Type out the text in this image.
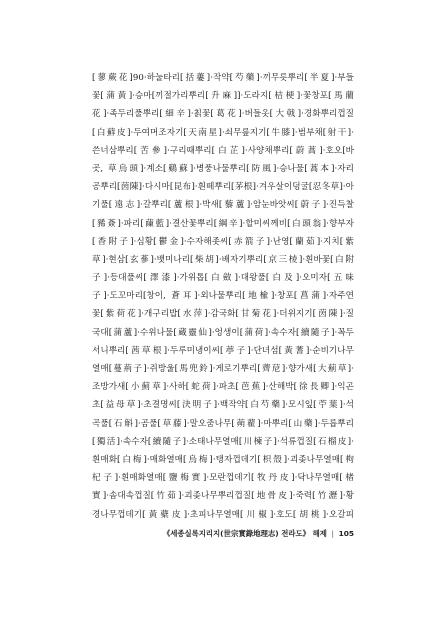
[蓼蕨花]90·하눌타리[括蔞]·작약[芍藥]·끼무릇뿌리[半夏]·부들
꽃[蒲黃]·승마[끼절가리뿌리[升麻]]·도라지[桔梗]·꽃창포[馬藺
花]·족두리풀뿌리[細辛]·칡꽃[葛花]·버들옷[大戟]·경화뿌리껍질
[白蘚皮]·두여머조자기[天南星]·쇠무릎지기[牛膝]·범부채[射干]·
쓴너삼뿌리[苦參]·구리때뿌리[白芷]·사양채뿌리[蔚蒿]·호오[바
곳, 草烏頭]·계소[鷄蘇]·병풍나물뿌리[防風]·승나물[蒿本]·자리
공뿌리[茵陳]·다시마[昆布]·흰떼뿌리[茅根]·겨우살이덩굴[忍冬草]·아
기풀[遠志]·갈뿌리[蘆根]·박새[藜蘆]·암눈바앗씨[蔚子]·진득찰
[豨薟]·파리[蔯藍]·결산꽃뿌리[綱辛]·할미씨께비[白頭翁]·향부자
[香附子]·심황[鬱金]·수자해좃씨[赤箭子]·난영[蘭茹]·지치[紫
草]·현삼[玄蔘]·뱃미나리[柴胡]·배자기뿌리[京三棱]·흰바꽃[白附
子]·등대풀씨[澤漆]·가위톱[白斂]·대왕풀[白及]·오미자[五味
子]·도꼬마리[창이, 蒼耳]·외나물뿌리[地楡]·창포[菖蒲]·자주연
꽃[紫荷花]·개구리밥[水萍]·감국화[甘菊花]·더위지기[茵陳]·질
국대[蒲蘆]·수위나물[蔵靈仙]·엉생이[蒲荷]·속수자[續隨子]·꼭두
서니뿌리[茜草根]·두루미냉이씨[葶子]·단녀섬[黃蓍]·순비기나무
열매[蔓荊子]·쥐방울[馬兜鈴]·게로기뿌리[薺苨]·향가새[大薊草]·
조방가새[小薊草]·사하[蛇荷]·파초[芭蕉]·산해박[徐長卿]·익곤
초[益母草]·초결명씨[決明子]·백작약[白芍藥]·모시잎[苧葉]·석
곡풀[石斛]·곰풀[草藤]·말오줌나무[蒴藋]·마뿌리[山藥]·두릅뿌리
[獨活]·속수자[續隨子]·소태나무열매[川楝子]·석류껍질[石榴皮]·
흰매화[白梅]·매화열매[烏梅]·탱자껍데기[枳殼]·괴좆나무열매[枸
杞子]·흰매화열매[鹽梅實]·모란껍데기[牧丹皮]·닥나무열매[楮
實]·솜대속껍질[竹茹]·괴좆나무뿌리껍질[地骨皮]·죽력[竹瀝]·황
경나무껍데기[黃蘗皮]·초피나무열매[川椒]·호도[胡桃]·오갈피
《세종실록지리지(世宗實錄地理志) 전라도》 해제 | 105
